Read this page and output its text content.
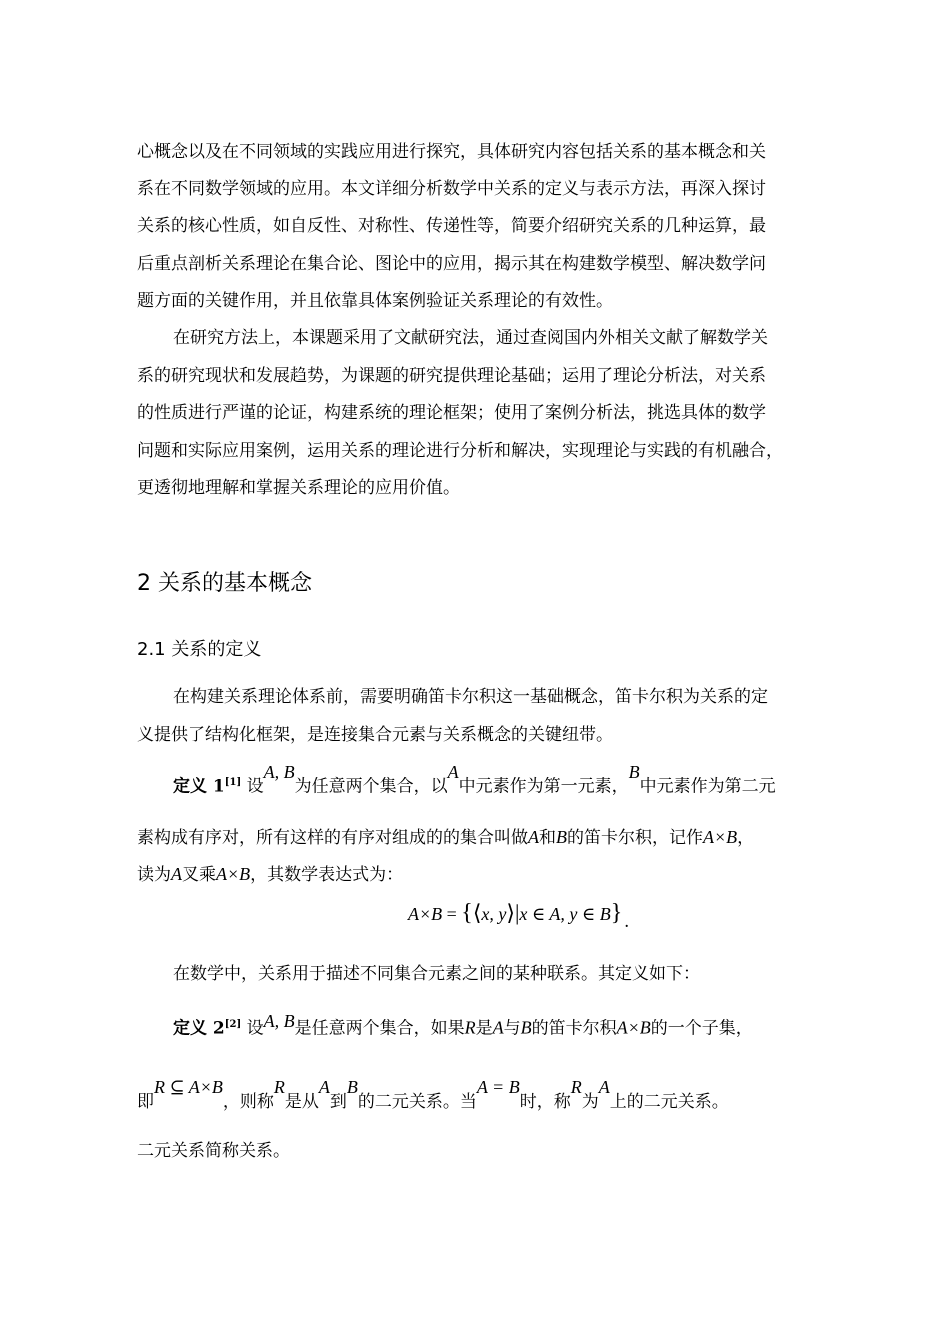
心概念以及在不同领域的实践应用进行探究，具体研究内容包括关系的基本概念和关
系在不同数学领域的应用。本文详细分析数学中关系的定义与表示方法，再深入探讨
关系的核心性质，如自反性、对称性、传递性等，简要介绍研究关系的几种运算，最
后重点剖析关系理论在集合论、图论中的应用，揭示其在构建数学模型、解决数学问
题方面的关键作用，并且依靠具体案例验证关系理论的有效性。
在研究方法上，本课题采用了文献研究法，通过查阅国内外相关文献了解数学关
系的研究现状和发展趋势，为课题的研究提供理论基础；运用了理论分析法，对关系
的性质进行严谨的论证，构建系统的理论框架；使用了案例分析法，挑选具体的数学
问题和实际应用案例，运用关系的理论进行分析和解决，实现理论与实践的有机融合，
更透彻地理解和掌握关系理论的应用价值。
2 关系的基本概念
2.1 关系的定义
在构建关系理论体系前，需要明确笛卡尔积这一基础概念，笛卡尔积为关系的定
义提供了结构化框架，是连接集合元素与关系概念的关键纽带。
定义 1[1] 设A, B为任意两个集合，以A中元素作为第一元素，B中元素作为第二元
素构成有序对，所有这样的有序对组成的的集合叫做A和B的笛卡尔积，记作A×B，
读为A叉乘A×B，其数学表达式为：
A×B = {⟨x, y⟩|x ∈ A, y ∈ B} .
在数学中，关系用于描述不同集合元素之间的某种联系。其定义如下：
定义 2[2] 设A, B是任意两个集合，如果R是A与B的笛卡尔积A×B的一个子集，
即R ⊆ A×B，则称R是从A到B的二元关系。当A = B时，称R为A上的二元关系。
二元关系简称关系。
